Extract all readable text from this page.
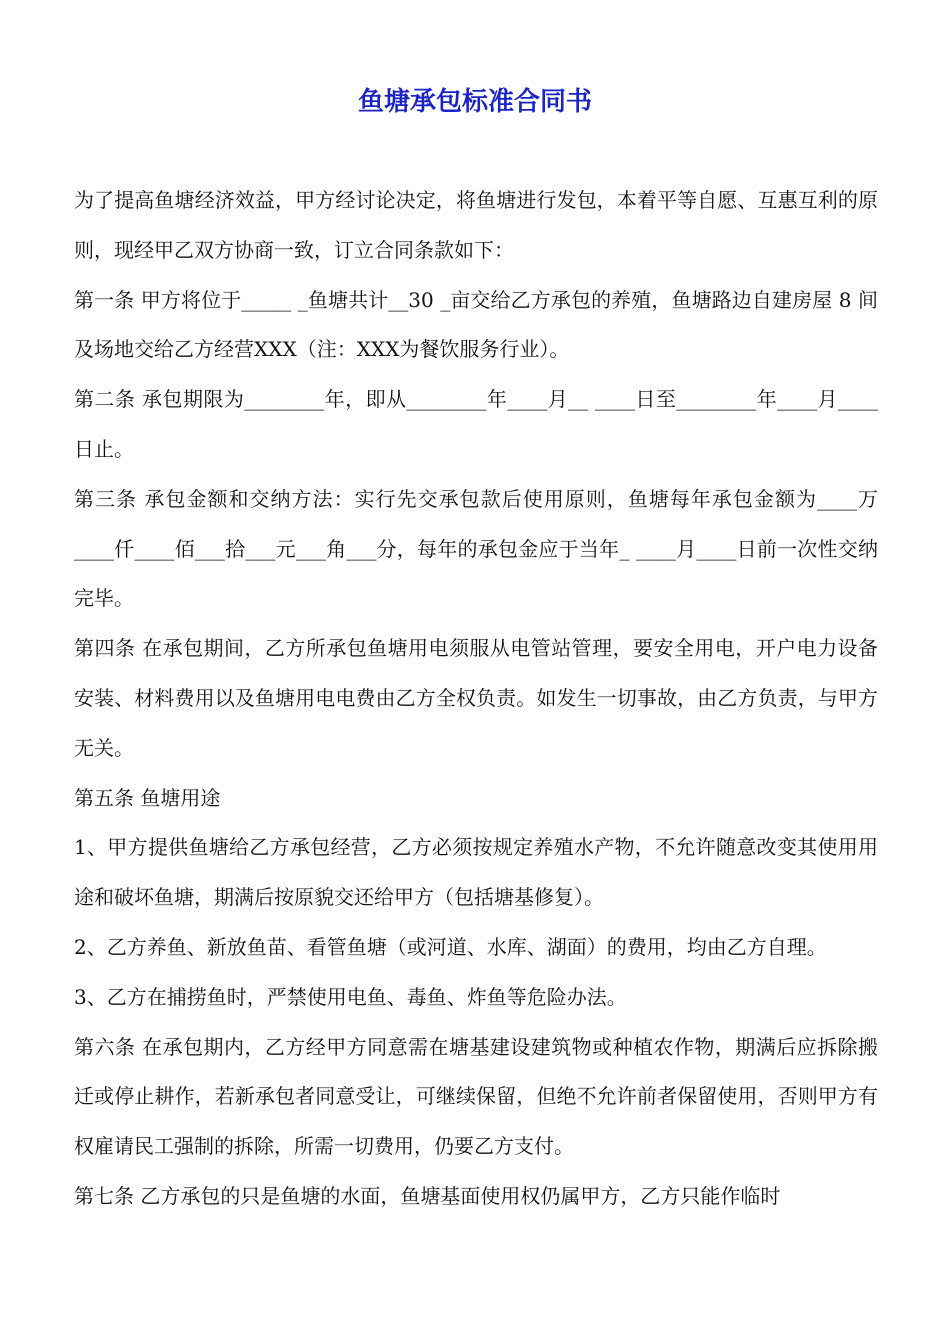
鱼塘承包标准合同书

为了提高鱼塘经济效益，甲方经讨论决定，将鱼塘进行发包，本着平等自愿、互惠互利的原则，现经甲乙双方协商一致，订立合同条款如下：

第一条 甲方将位于_____ _鱼塘共计__30 _亩交给乙方承包的养殖，鱼塘路边自建房屋 8 间及场地交给乙方经营XXX（注：XXX为餐饮服务行业）。

第二条 承包期限为________年，即从________年____月__ ____日至________年____月____日止。

第三条 承包金额和交纳方法：实行先交承包款后使用原则，鱼塘每年承包金额为____万____仟____佰___拾___元___角___分，每年的承包金应于当年_ ____月____日前一次性交纳完毕。

第四条 在承包期间，乙方所承包鱼塘用电须服从电管站管理，要安全用电，开户电力设备安装、材料费用以及鱼塘用电电费由乙方全权负责。如发生一切事故，由乙方负责，与甲方无关。

第五条 鱼塘用途

1、甲方提供鱼塘给乙方承包经营，乙方必须按规定养殖水产物，不允许随意改变其使用用途和破坏鱼塘，期满后按原貌交还给甲方（包括塘基修复）。

2、乙方养鱼、新放鱼苗、看管鱼塘（或河道、水库、湖面）的费用，均由乙方自理。

3、乙方在捕捞鱼时，严禁使用电鱼、毒鱼、炸鱼等危险办法。

第六条 在承包期内，乙方经甲方同意需在塘基建设建筑物或种植农作物，期满后应拆除搬迁或停止耕作，若新承包者同意受让，可继续保留，但绝不允许前者保留使用，否则甲方有权雇请民工强制的拆除，所需一切费用，仍要乙方支付。

第七条 乙方承包的只是鱼塘的水面，鱼塘基面使用权仍属甲方，乙方只能作临时
